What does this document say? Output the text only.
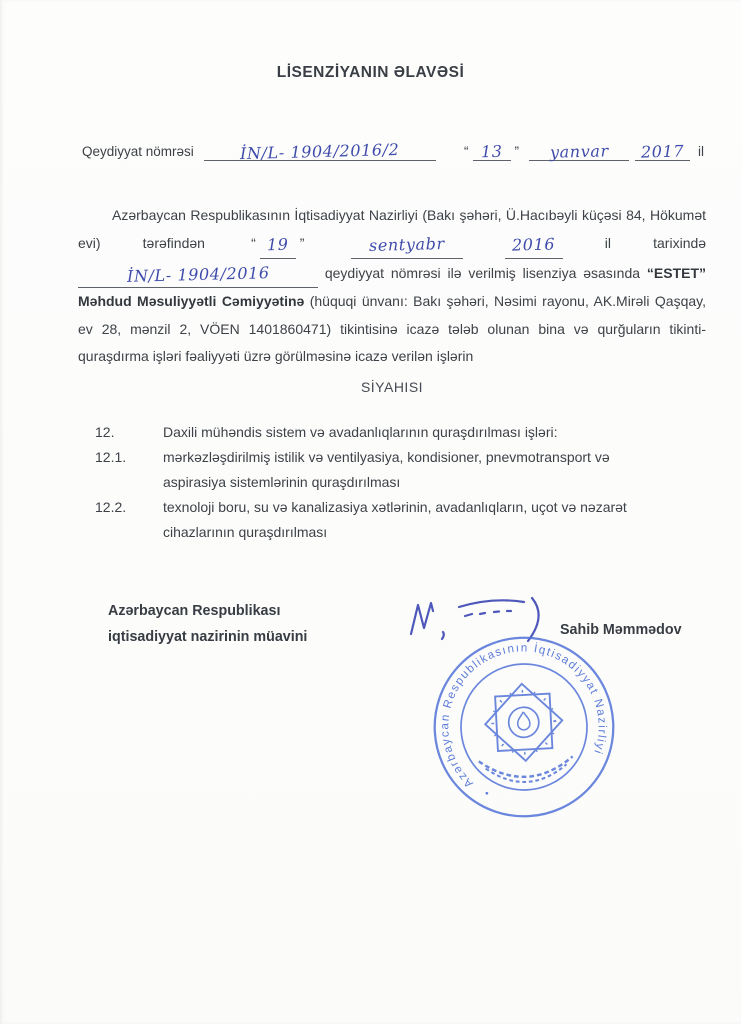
LİSENZİYANIN ƏLAVƏSİ
Qeydiyyat nömrəsi	İN/L- 1904/2016/2	“ 13 ”	yanvar	2017	il

Azərbaycan Respublikasının İqtisadiyyat Nazirliyi (Bakı şəhəri, Ü.Hacıbəyli küçəsi 84, Hökumət evi) tərəfindən	“ 19 ”	sentyabr	2016	il tarixində İN/L- 1904/2016	qeydiyyat nömrəsi ilə verilmiş lisenziya əsasında “ESTET” Məhdud Məsuliyyətli Cəmiyyətinə (hüquqi ünvanı: Bakı şəhəri, Nəsimi rayonu, AK.Mirəli Qaşqay, ev 28, mənzil 2, VÖEN 1401860471) tikintisinə icazə tələb olunan bina və qurğuların tikinti-quraşdırma işləri fəaliyyəti üzrə görülməsinə icazə verilən işlərin

SİYAHISI
12.	Daxili mühəndis sistem və avadanlıqlarının quraşdırılması işləri:
12.1.	mərkəzləşdirilmiş istilik və ventilyasiya, kondisioner, pnevmotransport və aspirasiya sistemlərinin quraşdırılması
12.2.	texnoloji boru, su və kanalizasiya xətlərinin, avadanlıqların, uçot və nəzarət cihazlarının quraşdırılması
Azərbaycan Respublikası
iqtisadiyyat nazirinin müavini	Sahib Məmmədov
Azərbaycan Respublikasının İqtisadiyyat Nazirliyi
•
